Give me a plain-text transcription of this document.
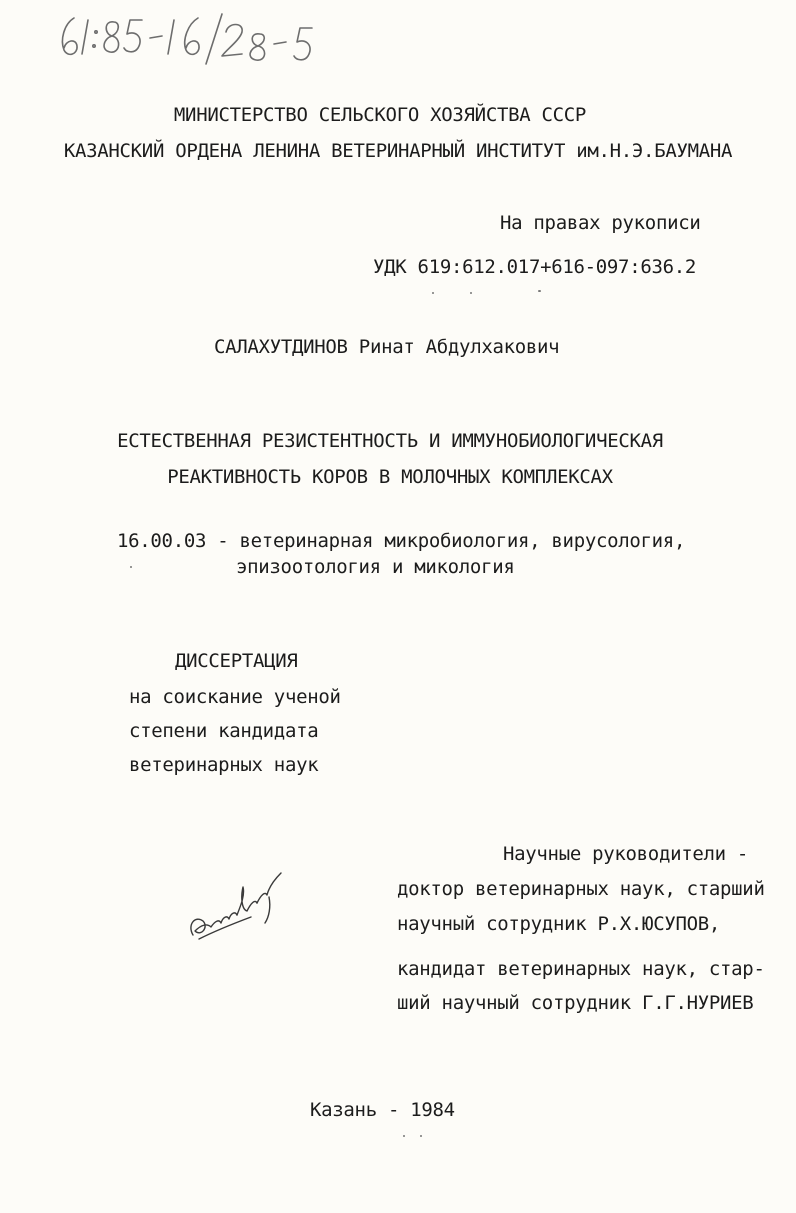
МИНИСТЕРСТВО СЕЛЬСКОГО ХОЗЯЙСТВА СССР
КАЗАНСКИЙ ОРДЕНА ЛЕНИНА ВЕТЕРИНАРНЫЙ ИНСТИТУТ им.Н.Э.БАУМАНА
На правах рукописи
УДК 619:612.017+616-097:636.2
САЛАХУТДИНОВ Ринат Абдулхакович
ЕСТЕСТВЕННАЯ РЕЗИСТЕНТНОСТЬ И ИММУНОБИОЛОГИЧЕСКАЯ
РЕАКТИВНОСТЬ КОРОВ В МОЛОЧНЫХ КОМПЛЕКСАХ
16.00.03 - ветеринарная микробиология, вирусология,
эпизоотология и микология
ДИССЕРТАЦИЯ
на соискание ученой
степени кандидата
ветеринарных наук
Научные руководители -
доктор ветеринарных наук, старший
научный сотрудник Р.Х.ЮСУПОВ,
кандидат ветеринарных наук, стар-
ший научный сотрудник Г.Г.НУРИЕВ
Казань - 1984
